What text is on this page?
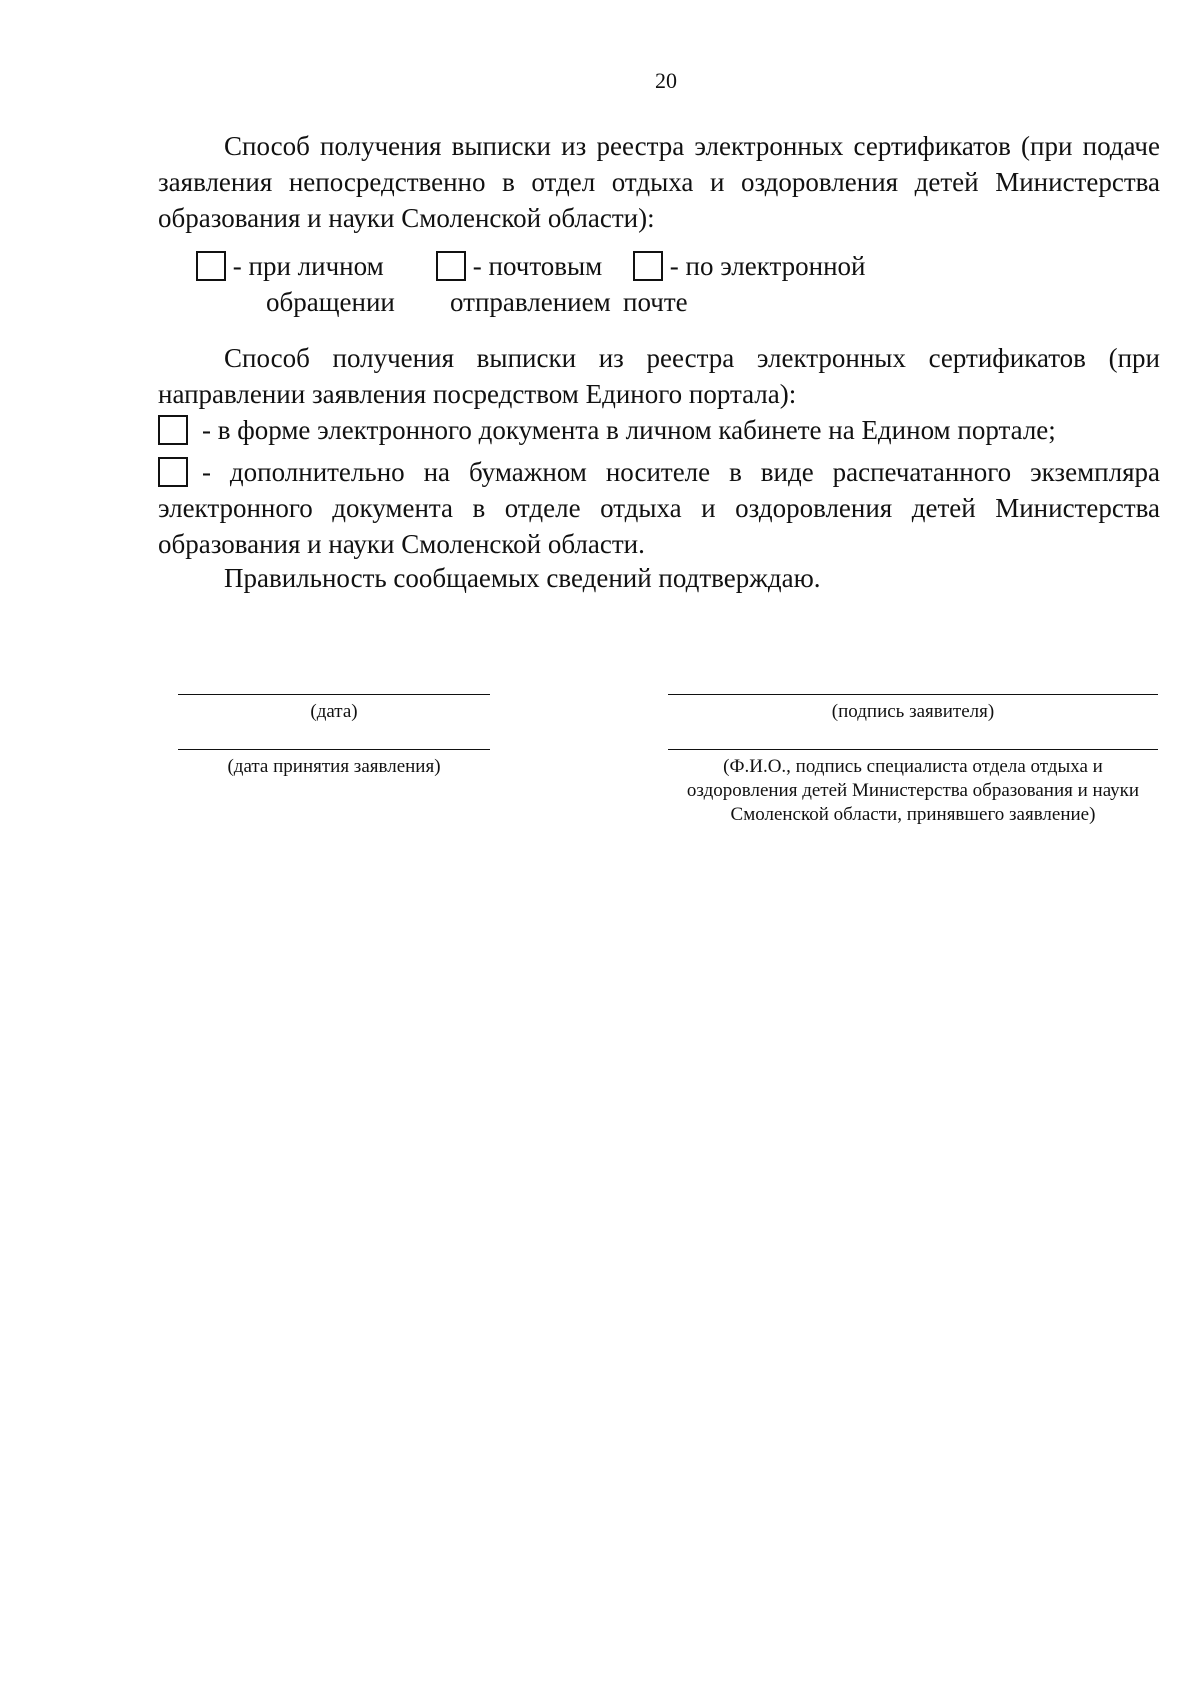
20
Способ получения выписки из реестра электронных сертификатов (при подаче заявления непосредственно в отдел отдыха и оздоровления детей Министерства образования и науки Смоленской области):
- при личном	- почтовым	- по электронной
обращении отправлением почте
Способ получения выписки из реестра электронных сертификатов (при направлении заявления посредством Единого портала):
- в форме электронного документа в личном кабинете на Едином портале;
- дополнительно на бумажном носителе в виде распечатанного экземпляра электронного документа в отделе отдыха и оздоровления детей Министерства образования и науки Смоленской области.
Правильность сообщаемых сведений подтверждаю.
(дата)	(подпись заявителя)
(дата принятия заявления)	(Ф.И.О., подпись специалиста отдела отдыха и оздоровления детей Министерства образования и науки Смоленской области, принявшего заявление)
